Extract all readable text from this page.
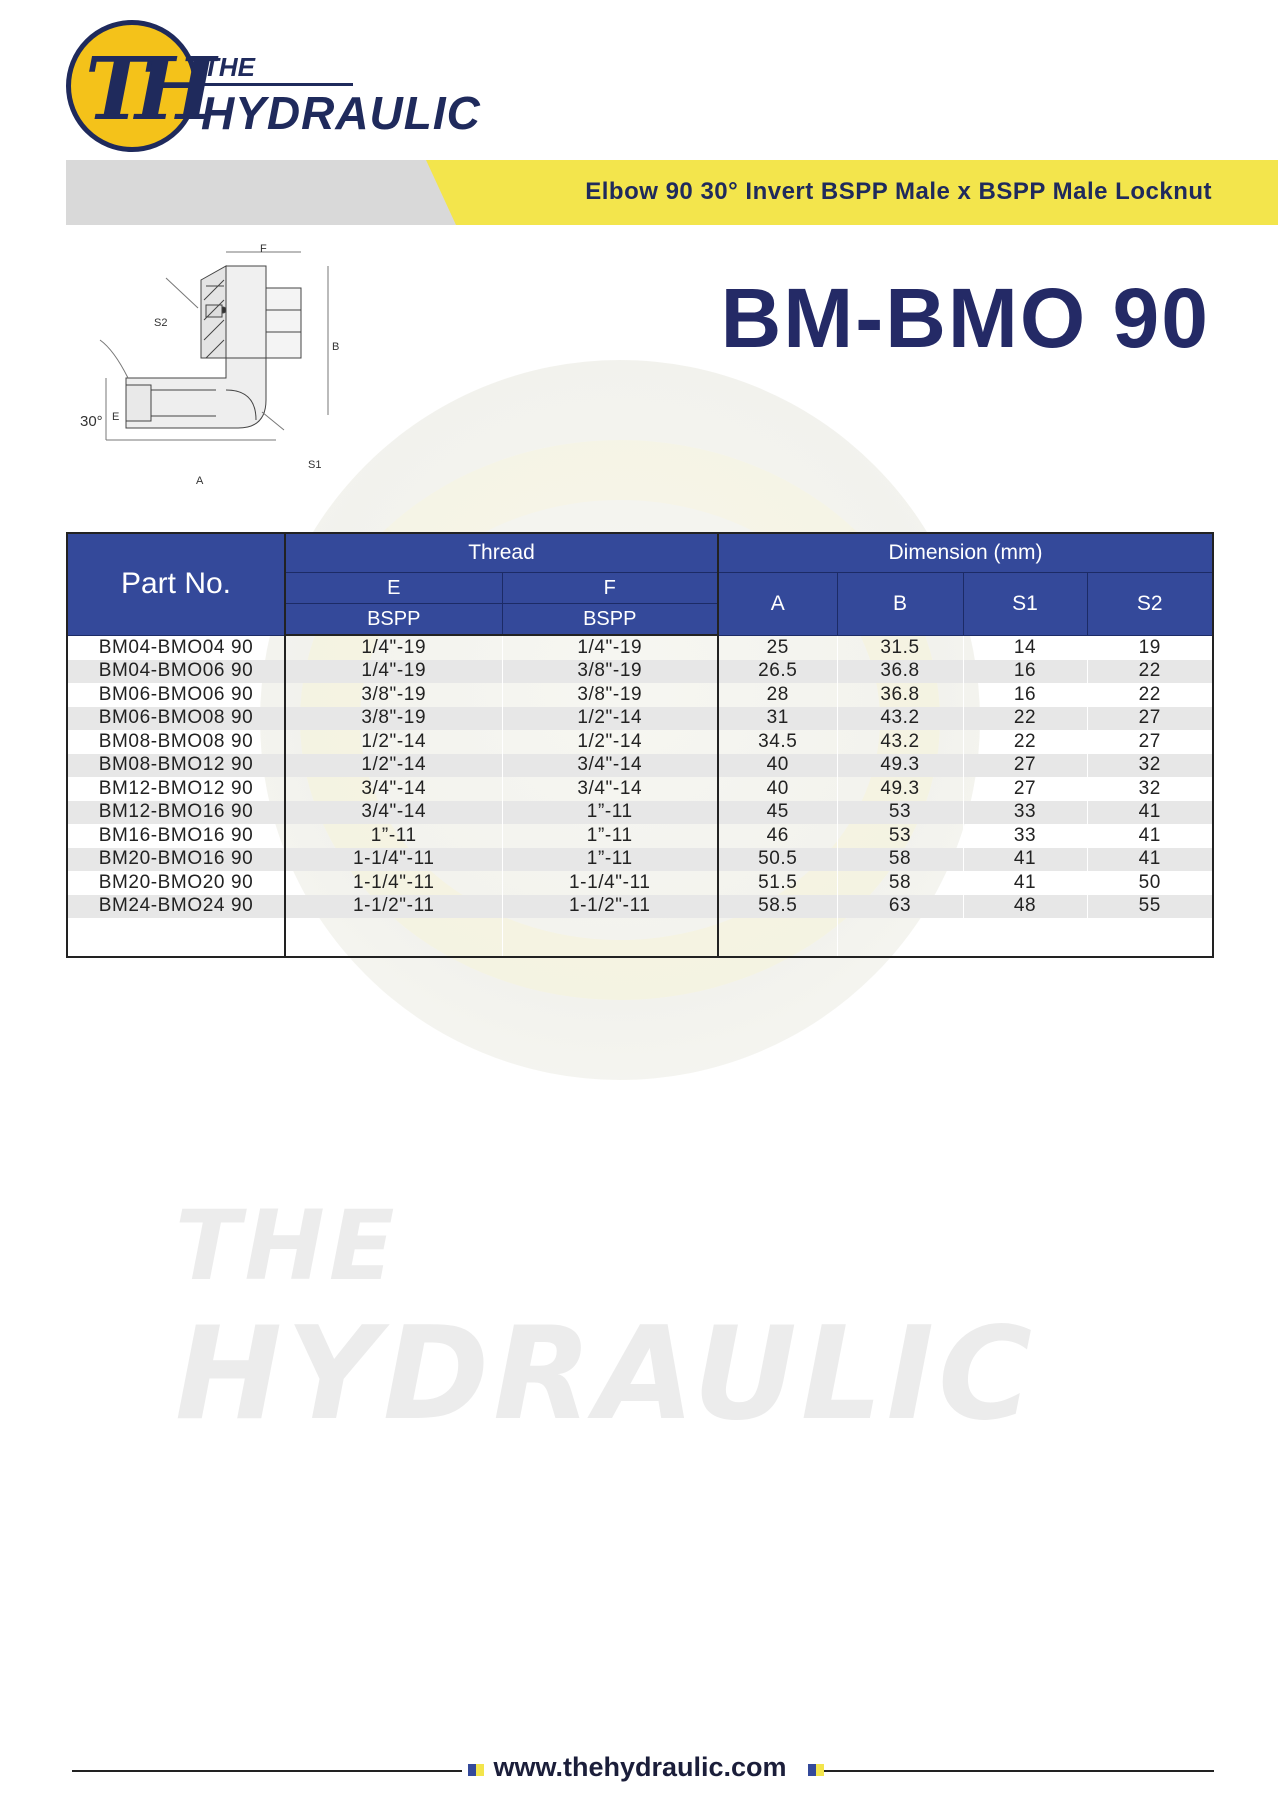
THE
HYDRAULIC
TH THE
HYDRAULIC
Elbow 90 30° Invert BSPP Male x BSPP Male Locknut
BM-BMO 90
F
S2
B
30° E
A
S1
Part No.	Thread		Dimension (mm)			
	E	F	A	B	S1	S2
	BSPP	BSPP				
BM04-BMO04 90	1/4"-19	1/4"-19	25	31.5	14	19
BM04-BMO06 90	1/4"-19	3/8"-19	26.5	36.8	16	22
BM06-BMO06 90	3/8"-19	3/8"-19	28	36.8	16	22
BM06-BMO08 90	3/8"-19	1/2"-14	31	43.2	22	27
BM08-BMO08 90	1/2"-14	1/2"-14	34.5	43.2	22	27
BM08-BMO12 90	1/2"-14	3/4"-14	40	49.3	27	32
BM12-BMO12 90	3/4"-14	3/4"-14	40	49.3	27	32
BM12-BMO16 90	3/4"-14	1”-11	45	53	33	41
BM16-BMO16 90	1”-11	1”-11	46	53	33	41
BM20-BMO16 90	1-1/4"-11	1”-11	50.5	58	41	41
BM20-BMO20 90	1-1/4"-11	1-1/4"-11	51.5	58	41	50
BM24-BMO24 90	1-1/2"-11	1-1/2"-11	58.5	63	48	55

www.thehydraulic.com
